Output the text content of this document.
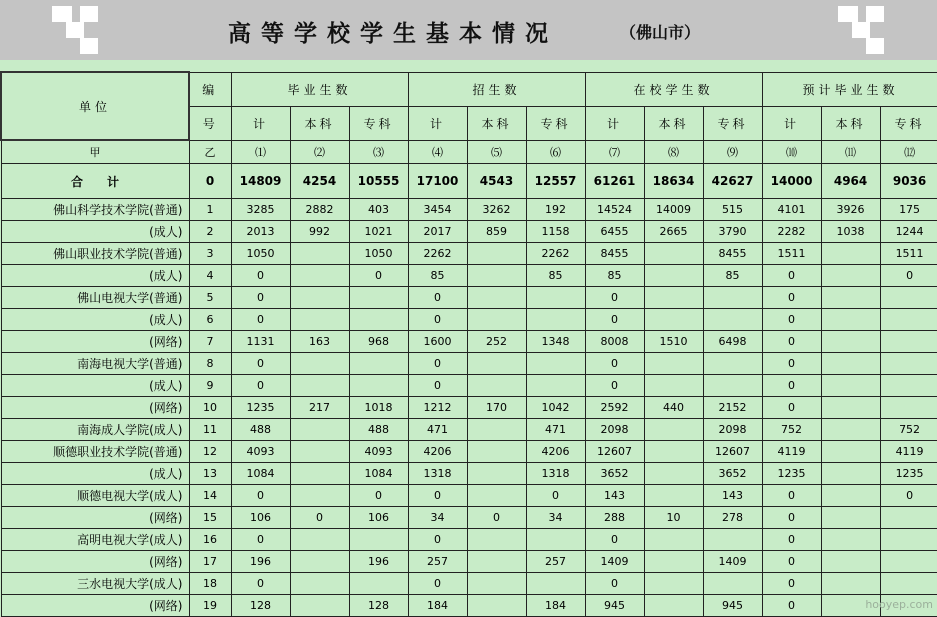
高等学校学生基本情况	（佛山市）
单位	编	毕业生数			招生数			在校学生数			预计毕业生数		
	号	计	本科	专科	计	本科	专科	计	本科	专科	计	本科	专科
甲	乙	⑴	⑵	⑶	⑷	⑸	⑹	⑺	⑻	⑼	⑽	⑾	⑿
合　　计	0	14809	4254	10555	17100	4543	12557	61261	18634	42627	14000	4964	9036
佛山科学技术学院(普通)	1	3285	2882	403	3454	3262	192	14524	14009	515	4101	3926	175
(成人)	2	2013	992	1021	2017	859	1158	6455	2665	3790	2282	1038	1244
佛山职业技术学院(普通)	3	1050		1050	2262		2262	8455		8455	1511		1511
(成人)	4	0		0	85		85	85		85	0		0
佛山电视大学(普通)	5	0			0			0			0		
(成人)	6	0			0			0			0		
(网络)	7	1131	163	968	1600	252	1348	8008	1510	6498	0		
南海电视大学(普通)	8	0			0			0			0		
(成人)	9	0			0			0			0		
(网络)	10	1235	217	1018	1212	170	1042	2592	440	2152	0		
南海成人学院(成人)	11	488		488	471		471	2098		2098	752		752
顺德职业技术学院(普通)	12	4093		4093	4206		4206	12607		12607	4119		4119
(成人)	13	1084		1084	1318		1318	3652		3652	1235		1235
顺德电视大学(成人)	14	0		0	0		0	143		143	0		0
(网络)	15	106	0	106	34	0	34	288	10	278	0		
高明电视大学(成人)	16	0			0			0			0		
(网络)	17	196		196	257		257	1409		1409	0		
三水电视大学(成人)	18	0			0			0			0		
(网络)	19	128		128	184		184	945		945	0			hooyep.com
